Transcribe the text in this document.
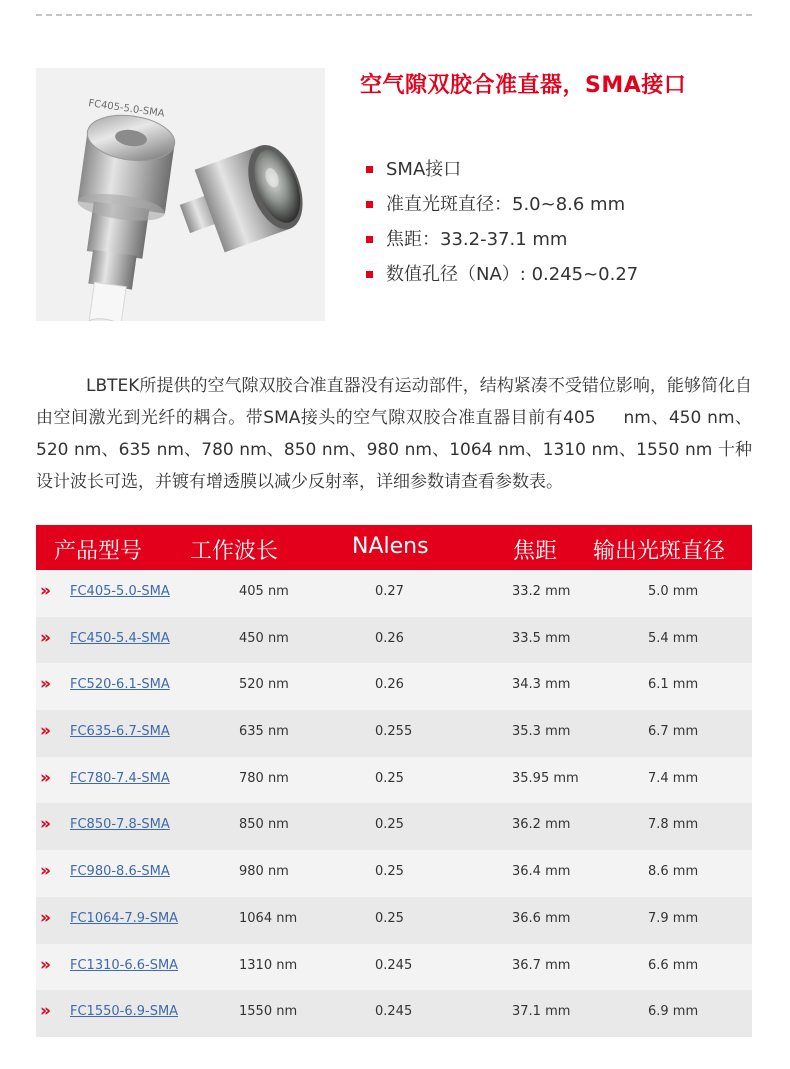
FC405-5.0-SMA
空气隙双胶合准直器，SMA接口
SMA接口
准直光斑直径：5.0~8.6 mm
焦距：33.2-37.1 mm
数值孔径（NA）: 0.245~0.27
LBTEK所提供的空气隙双胶合准直器没有运动部件，结构紧凑不受错位影响，能够简化自由空间激光到光纤的耦合。带SMA接头的空气隙双胶合准直器目前有405 nm、450 nm、520 nm、635 nm、780 nm、850 nm、980 nm、1064 nm、1310 nm、1550 nm 十种设计波长可选，并镀有增透膜以减少反射率，详细参数请查看参数表。
产品型号 工作波长	NAlens	焦距 输出光斑直径
» FC405-5.0-SMA	405 nm	0.27	33.2 mm	5.0 mm
» FC450-5.4-SMA	450 nm	0.26	33.5 mm	5.4 mm
» FC520-6.1-SMA	520 nm	0.26	34.3 mm	6.1 mm
» FC635-6.7-SMA	635 nm	0.255	35.3 mm	6.7 mm
» FC780-7.4-SMA	780 nm	0.25	35.95 mm	7.4 mm
» FC850-7.8-SMA	850 nm	0.25	36.2 mm	7.8 mm
» FC980-8.6-SMA	980 nm	0.25	36.4 mm	8.6 mm
» FC1064-7.9-SMA	1064 nm	0.25	36.6 mm	7.9 mm
» FC1310-6.6-SMA	1310 nm	0.245	36.7 mm	6.6 mm
» FC1550-6.9-SMA	1550 nm	0.245	37.1 mm	6.9 mm
